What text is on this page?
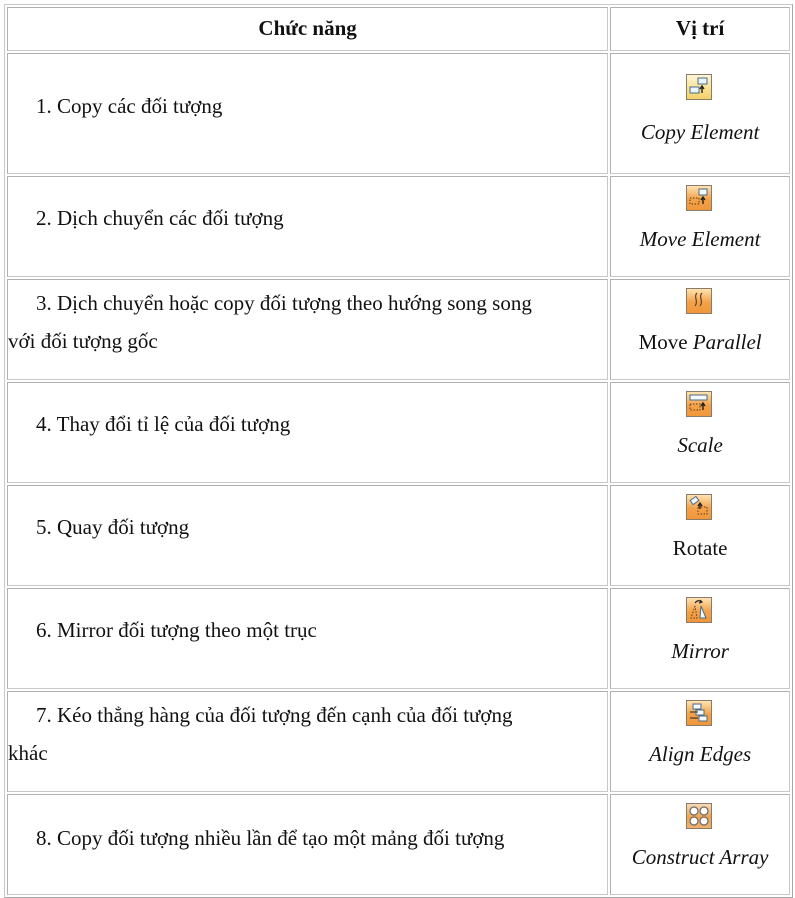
Chức năng	Vị trí

1. Copy các đối tượng	Copy Element

2. Dịch chuyển các đối tượng	Move Element

3. Dịch chuyển hoặc copy đối tượng theo hướng song song
với đối tượng gốc	Move Parallel

4. Thay đổi tỉ lệ của đối tượng	Scale

5. Quay đối tượng	Rotate

6. Mirror đối tượng theo một trục	Mirror

7. Kéo thẳng hàng của đối tượng đến cạnh của đối tượng
khác	Align Edges

8. Copy đối tượng nhiều lần để tạo một mảng đối tượng	Construct Array
